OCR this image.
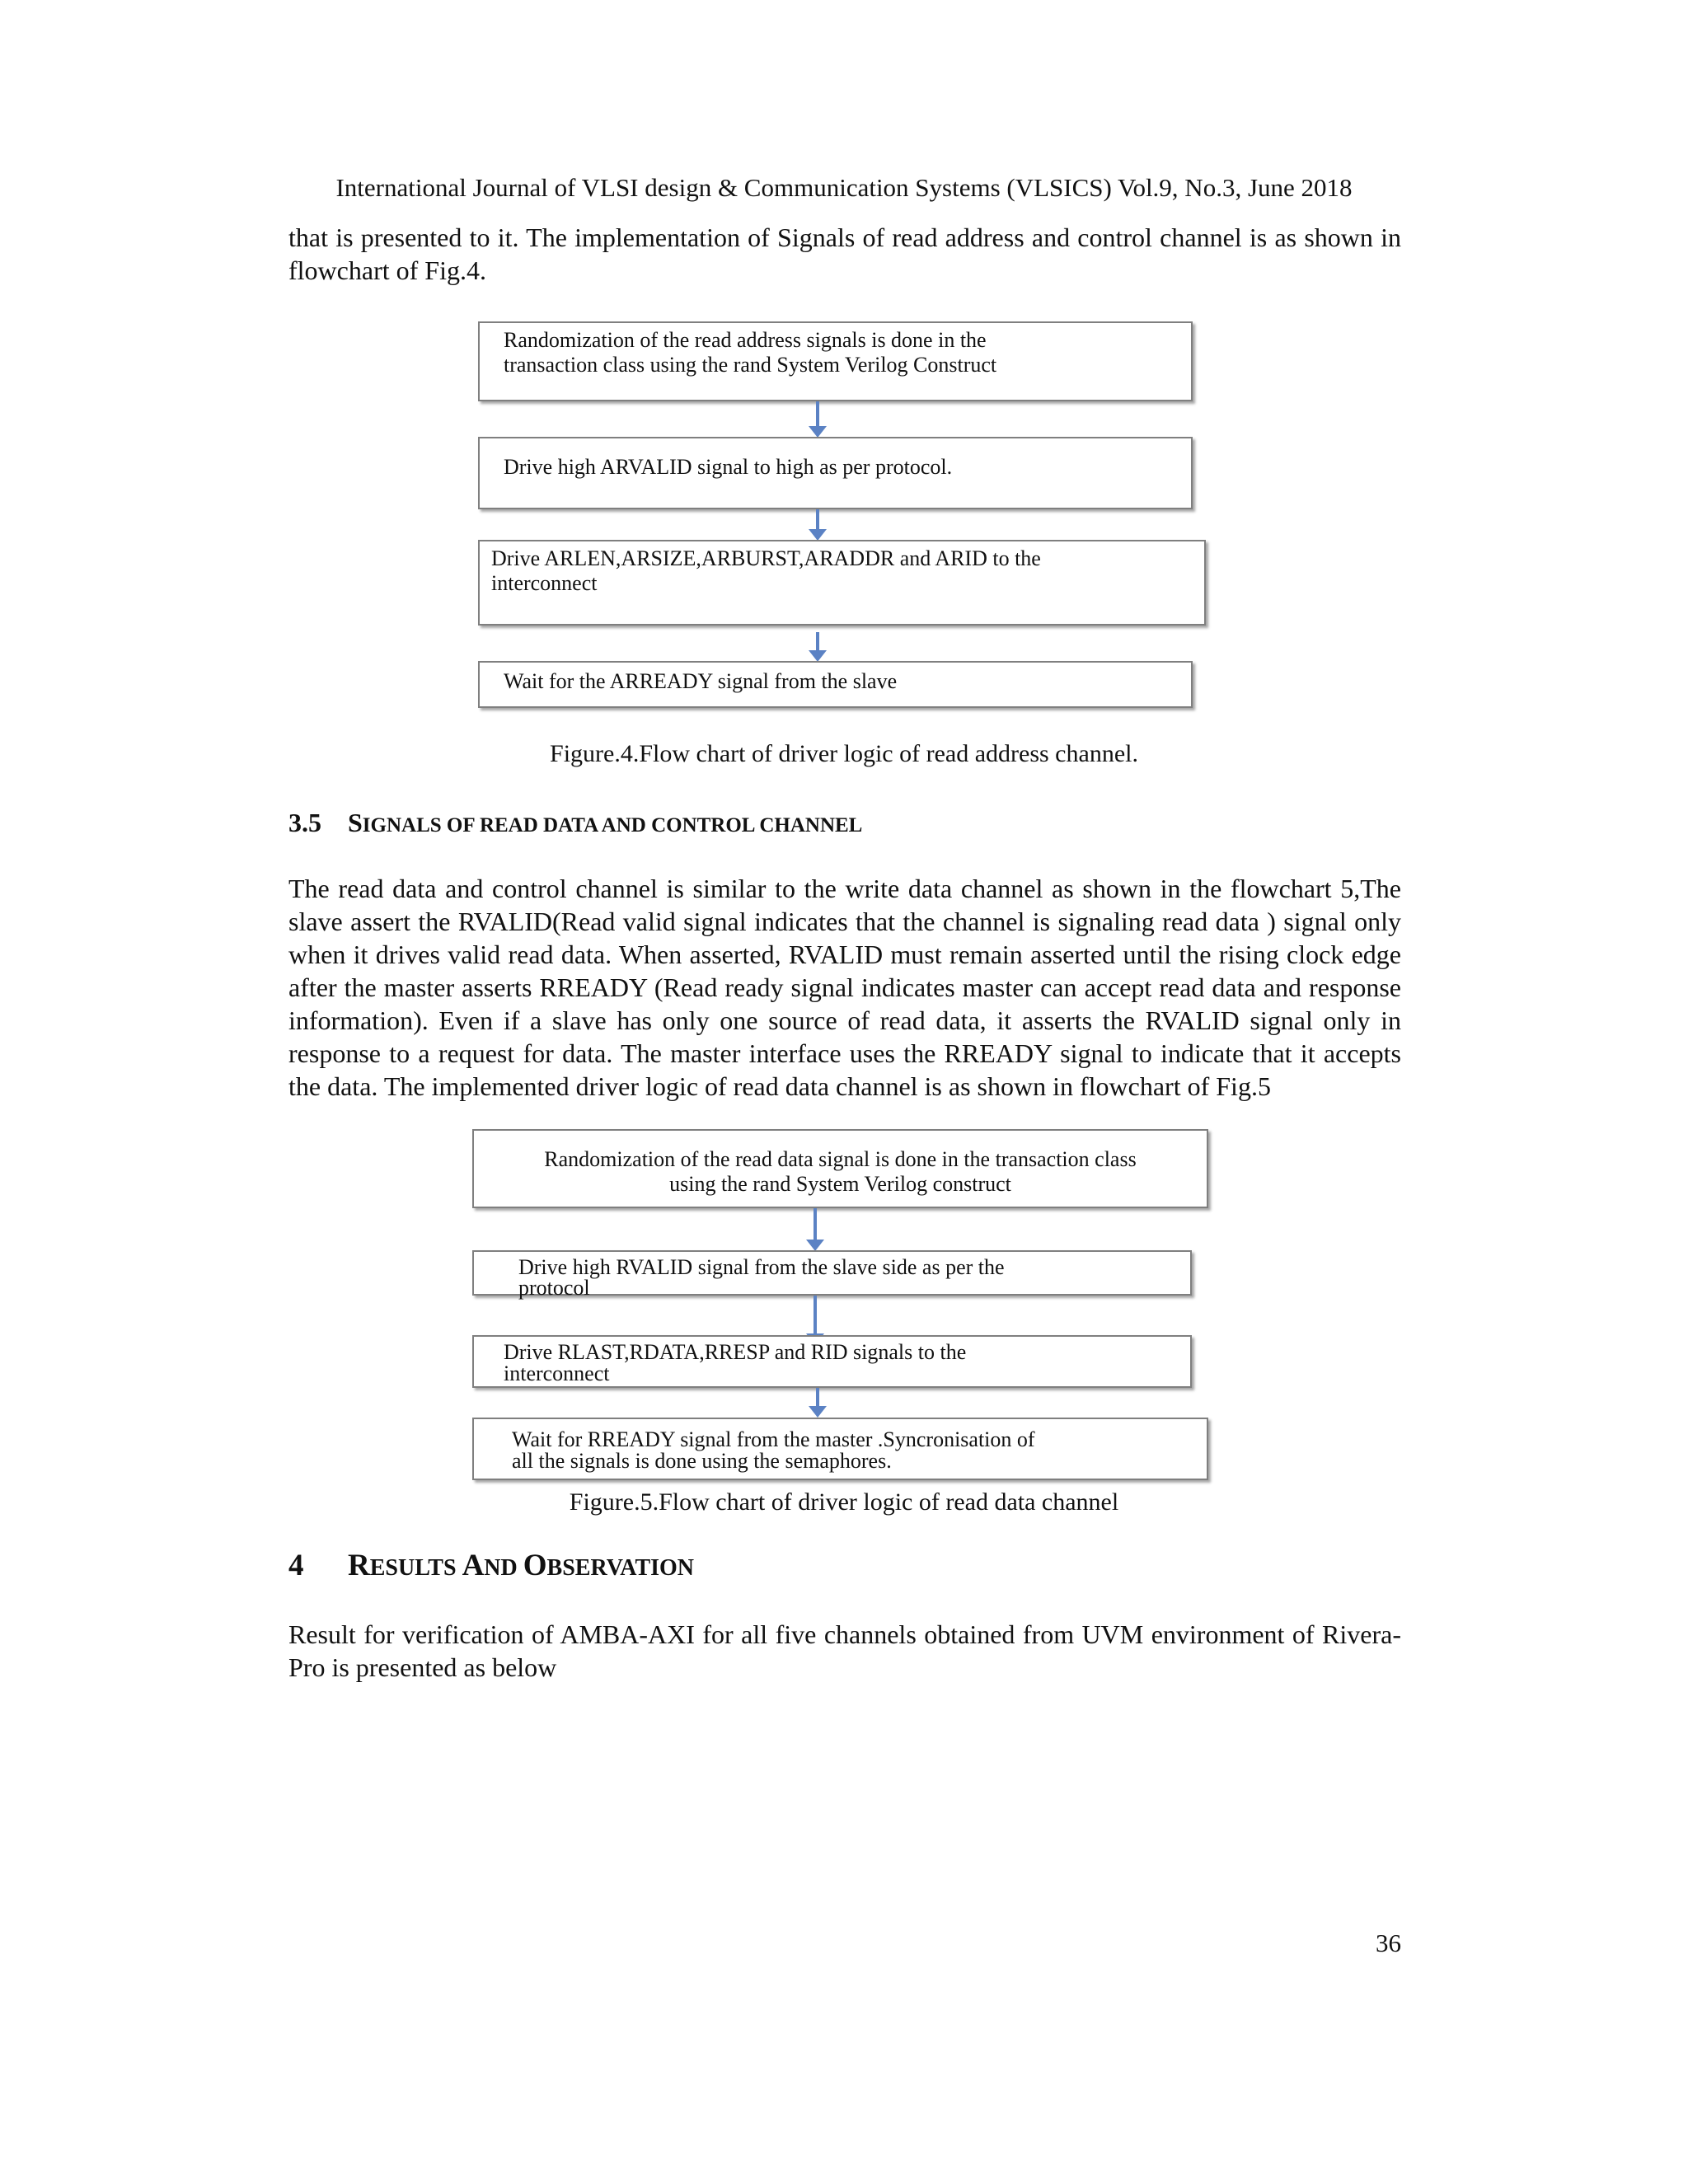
International Journal of VLSI design & Communication Systems (VLSICS) Vol.9, No.3, June 2018

that is presented to it. The implementation of Signals of read address and control channel is as shown in flowchart of Fig.4.

Randomization of the read address signals is done in the
transaction class using the rand System Verilog Construct
Drive high ARVALID signal to high as per protocol.
Drive ARLEN,ARSIZE,ARBURST,ARADDR and ARID to the
interconnect
Wait for the ARREADY signal from the slave
Figure.4.Flow chart of driver logic of read address channel.
3.5 SIGNALS OF READ DATA AND CONTROL CHANNEL

The read data and control channel is similar to the write data channel as shown in the flowchart 5,The slave assert the RVALID(Read valid signal indicates that the channel is signaling read data ) signal only when it drives valid read data. When asserted, RVALID must remain asserted until the rising clock edge after the master asserts RREADY (Read ready signal indicates master can accept read data and response information). Even if a slave has only one source of read data, it asserts the RVALID signal only in response to a request for data. The master interface uses the RREADY signal to indicate that it accepts the data. The implemented driver logic of read data channel is as shown in flowchart of Fig.5

Randomization of the read data signal is done in the transaction class
using the rand System Verilog construct
Drive high RVALID signal from the slave side as per the
protocol
Drive RLAST,RDATA,RRESP and RID signals to the
interconnect
Wait for RREADY signal from the master .Syncronisation of
all the signals is done using the semaphores.
Figure.5.Flow chart of driver logic of read data channel
4 RESULTS AND OBSERVATION

Result for verification of AMBA-AXI for all five channels obtained from UVM environment of Rivera-Pro is presented as below

36
